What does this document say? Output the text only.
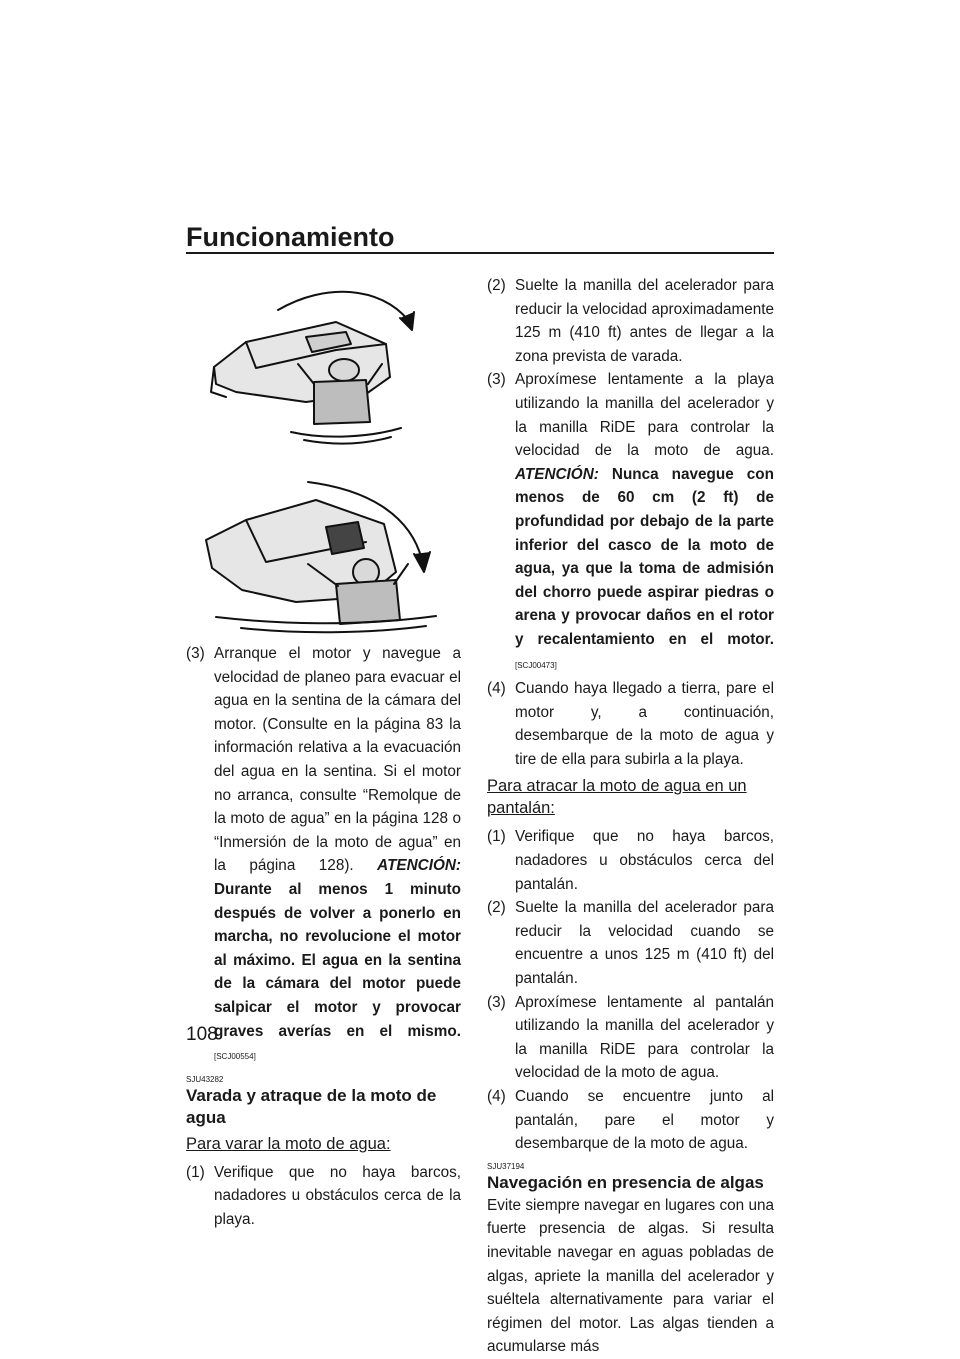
Funcionamiento
(3) Arranque el motor y navegue a velocidad de planeo para evacuar el agua en la sentina de la cámara del motor. (Consulte en la página 83 la información relativa a la evacuación del agua en la sentina. Si el motor no arranca, consulte “Remolque de la moto de agua” en la página 128 o “Inmersión de la moto de agua” en la página 128). ATENCIÓN: Durante al menos 1 minuto después de volver a ponerlo en marcha, no revolucione el motor al máximo. El agua en la sentina de la cámara del motor puede salpicar el motor y provocar graves averías en el mismo. [SCJ00554]
SJU43282
Varada y atraque de la moto de agua
Para varar la moto de agua:
(1) Verifique que no haya barcos, nadadores u obstáculos cerca de la playa.
108
(2) Suelte la manilla del acelerador para reducir la velocidad aproximadamente 125 m (410 ft) antes de llegar a la zona prevista de varada.
(3) Aproxímese lentamente a la playa utilizando la manilla del acelerador y la manilla RiDE para controlar la velocidad de la moto de agua. ATENCIÓN: Nunca navegue con menos de 60 cm (2 ft) de profundidad por debajo de la parte inferior del casco de la moto de agua, ya que la toma de admisión del chorro puede aspirar piedras o arena y provocar daños en el rotor y recalentamiento en el motor. [SCJ00473]
(4) Cuando haya llegado a tierra, pare el motor y, a continuación, desembarque de la moto de agua y tire de ella para subirla a la playa.
Para atracar la moto de agua en un pantalán:
(1) Verifique que no haya barcos, nadadores u obstáculos cerca del pantalán.
(2) Suelte la manilla del acelerador para reducir la velocidad cuando se encuentre a unos 125 m (410 ft) del pantalán.
(3) Aproxímese lentamente al pantalán utilizando la manilla del acelerador y la manilla RiDE para controlar la velocidad de la moto de agua.
(4) Cuando se encuentre junto al pantalán, pare el motor y desembarque de la moto de agua.
SJU37194
Navegación en presencia de algas
Evite siempre navegar en lugares con una fuerte presencia de algas. Si resulta inevitable navegar en aguas pobladas de algas, apriete la manilla del acelerador y suéltela alternativamente para variar el régimen del motor. Las algas tienden a acumularse más
